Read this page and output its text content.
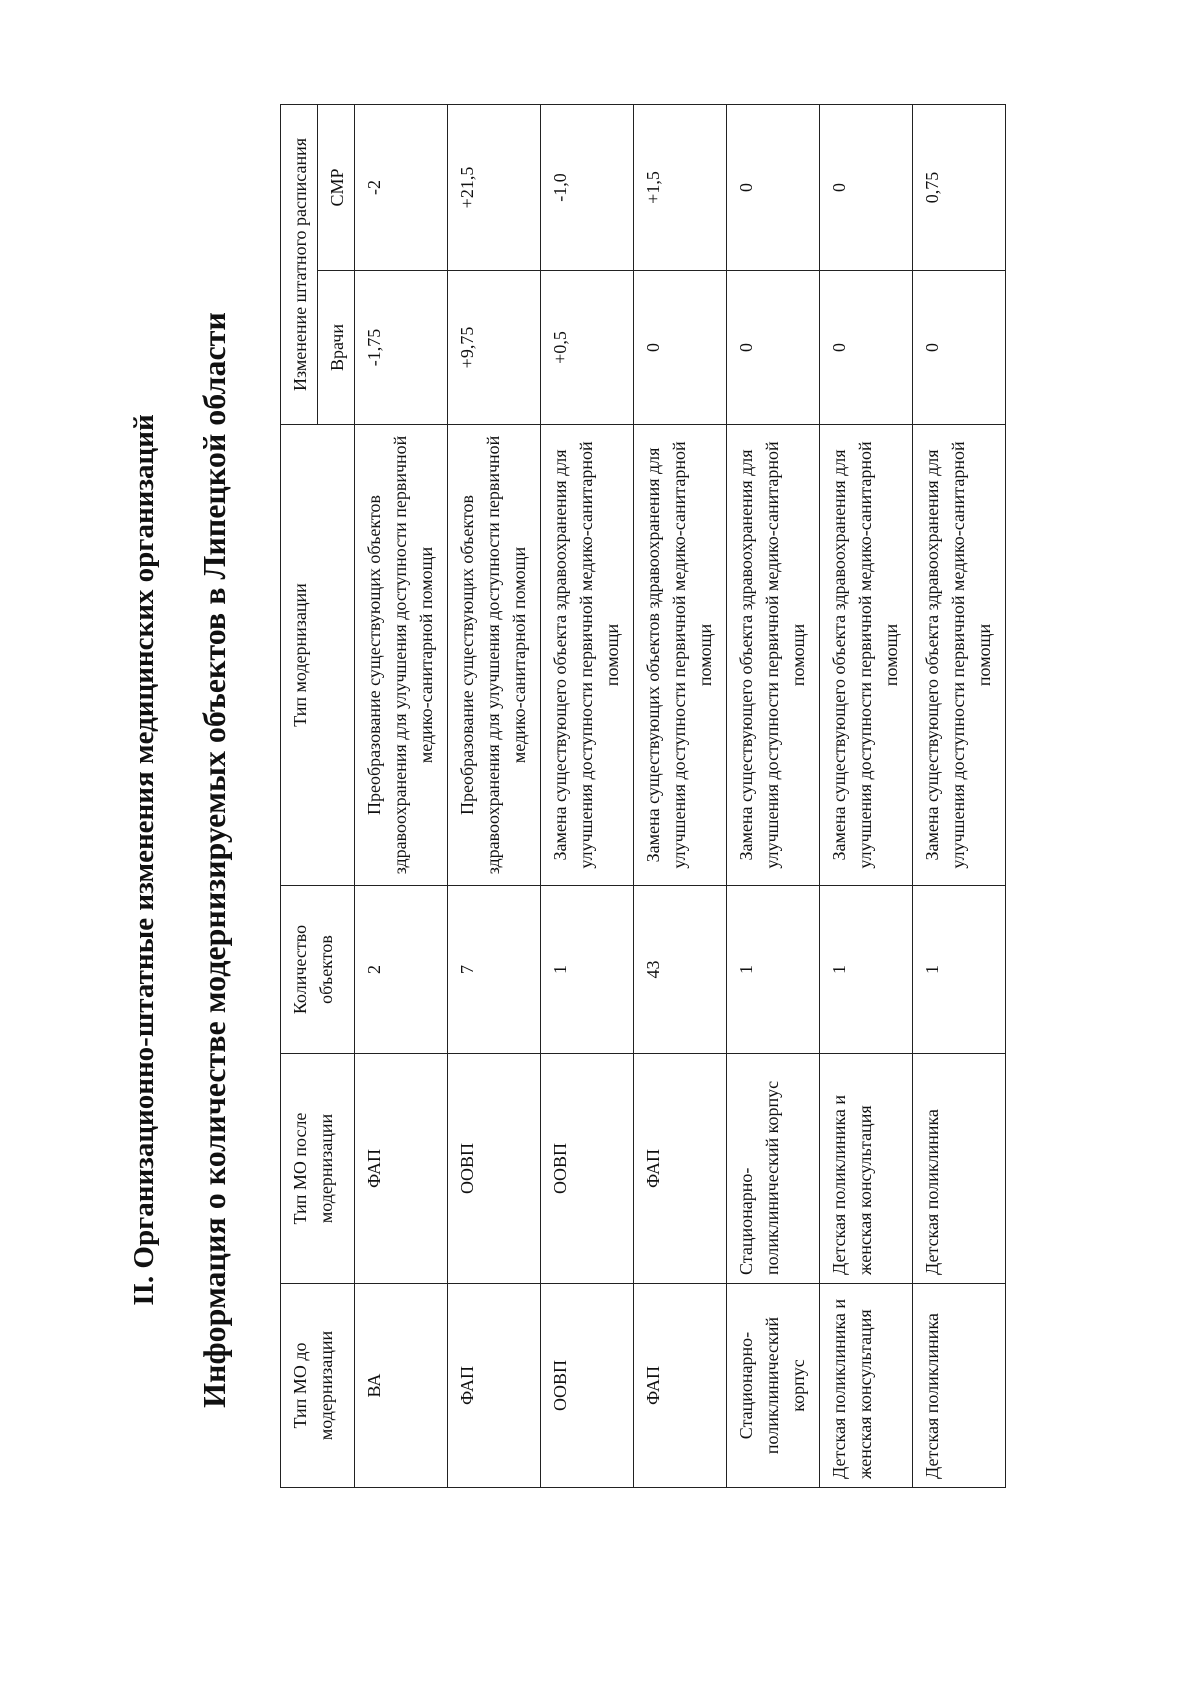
II. Организационно-штатные изменения медицинских организаций Информация о количестве модернизируемых объектов в Липецкой области	Тип МО до модернизации	Тип МО после модернизации	Количество объектов	Тип модернизации	Изменение штатного расписания	
				Врачи	СМР
ВА	ФАП	2	Преобразование существующих объектов здравоохранения для улучшения доступности первичной медико-санитарной помощи	-1,75	-2
ФАП	ООВП	7	Преобразование существующих объектов здравоохранения для улучшения доступности первичной медико-санитарной помощи	+9,75	+21,5
ООВП	ООВП	1	Замена существующего объекта здравоохранения для улучшения доступности первичной медико-санитарной помощи	+0,5	-1,0
ФАП	ФАП	43	Замена существующих объектов здравоохранения для улучшения доступности первичной медико-санитарной помощи	0	+1,5
Стационарно-поликлинический корпус	Стационарно-поликлинический корпус	1	Замена существующего объекта здравоохранения для улучшения доступности первичной медико-санитарной помощи	0	0
Детская поликлиника и женская консультация	Детская поликлиника и женская консультация	1	Замена существующего объекта здравоохранения для улучшения доступности первичной медико-санитарной помощи	0	0
Детская поликлиника	Детская поликлиника	1	Замена существующего объекта здравоохранения для улучшения доступности первичной медико-санитарной помощи	0	0,75
